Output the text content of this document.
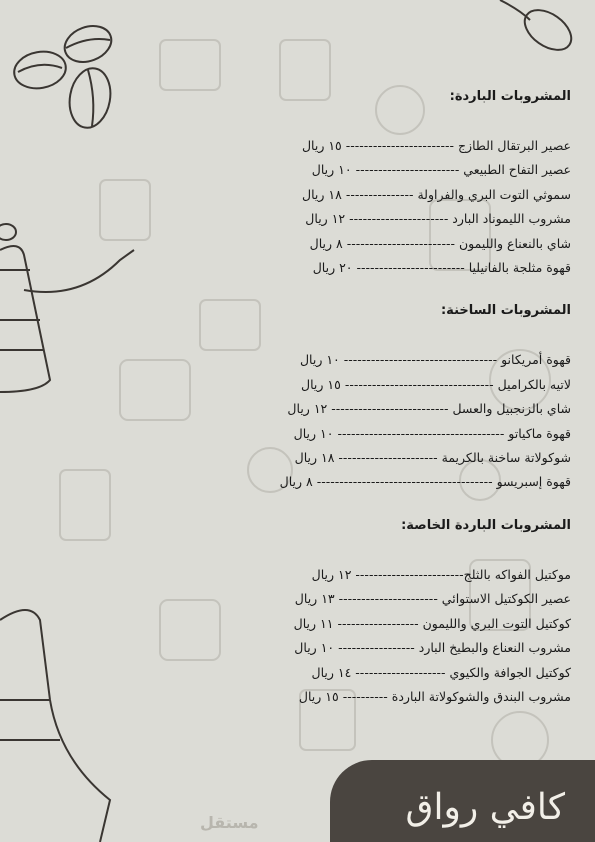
المشروبات الباردة:
عصير البرتقال الطازج ------------------------ ١٥ ريال
عصير التفاح الطبيعي ----------------------- ١٠ ريال
سموثي التوت البري والفراولة --------------- ١٨ ريال
مشروب الليموناد البارد ---------------------- ١٢ ريال
شاي بالنعناع والليمون ------------------------ ٨ ريال
قهوة مثلجة بالفانيليا ------------------------ ٢٠ ريال
المشروبات الساخنة:
قهوة أمريكانو ---------------------------------- ١٠ ريال
لاتيه بالكراميل --------------------------------- ١٥ ريال
شاي بالزنجبيل والعسل -------------------------- ١٢ ريال
قهوة ماكياتو ------------------------------------- ١٠ ريال
شوكولاتة ساخنة بالكريمة ---------------------- ١٨ ريال
قهوة إسبريسو --------------------------------------- ٨ ريال
المشروبات الباردة الخاصة:
موكتيل الفواكه بالثلج------------------------ ١٢ ريال
عصير الكوكتيل الاستوائي ---------------------- ١٣ ريال
كوكتيل التوت البري والليمون ------------------ ١١ ريال
مشروب النعناع والبطيخ البارد ----------------- ١٠ ريال
كوكتيل الجوافة والكيوي -------------------- ١٤ ريال
مشروب البندق والشوكولاتة الباردة ---------- ١٥ ريال
مستقل	كافي رواق
